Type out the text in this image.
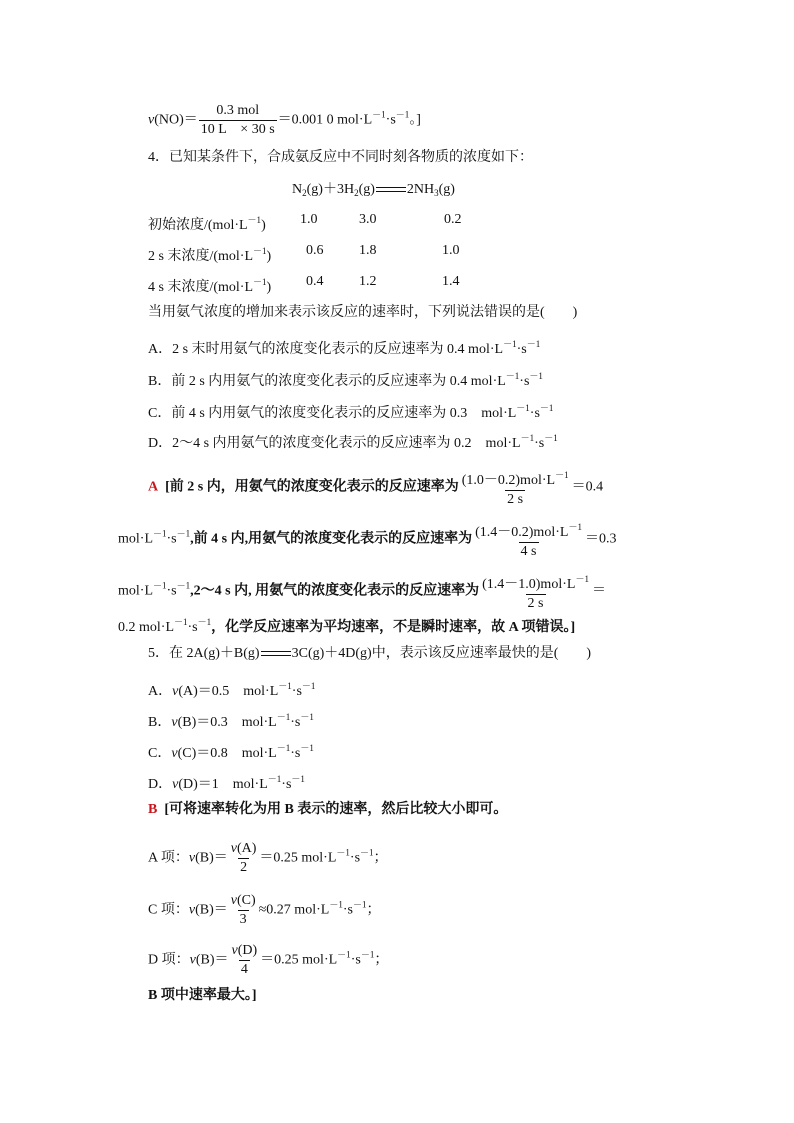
$v(NO)= \frac{\text{0.3 mol}}{10 L \times 30 s} =0.001$ 0 $mol\cdot L^{-1}\cdot s^{-1}$。]
4．已知某条件下，合成氨反应中不同时刻各物质的浓度如下：
$N_2(g)+3H_2(g)$ $2NH_3(g)$
初始浓度$/(mol\cdot L^{-1})$ 1.0	3.0	0.2
2 s 末浓度$/(mol\cdot L^{-1})$ 0.6	1.8	1.0
4 s 末浓度$/(mol\cdot L^{-1})$ 0.4	1.2	1.4
当用氨气浓度的增加来表示该反应的速率时，下列说法错误的是(　　)
A．2 s 末时用氨气的浓度变化表示的反应速率为 0.4 $mol\cdot L^{-1}\cdot s^{-1}$
B．前 2 s 内用氨气的浓度变化表示的反应速率为 0.4 $mol\cdot L^{-1}\cdot s^{-1}$
C．前 4 s 内用氨气的浓度变化表示的反应速率为 0.3　$mol\cdot L^{-1}\cdot s^{-1}$
D．2～4 s 内用氨气的浓度变化表示的反应速率为 0.2　$mol\cdot L^{-1}\cdot s^{-1}$
A [前 2 s 内，用氨气的浓度变化表示的反应速率为 $\frac{(1.0-0.2)mol\cdot L^{-1}}{2 s} =0.4$
$mol\cdot L^{-1}\cdot s^{-1}$,前 4 s 内,用氨气的浓度变化表示的反应速率为 $\frac{(1.4-0.2)mol\cdot L^{-1}}{4 s} =0.3$
$mol\cdot L^{-1}\cdot s^{-1},2\sim 4$ s 内, 用氨气的浓度变化表示的反应速率为 $\frac{(1.4-1.0)mol\cdot L^{-1}}{2 s}$ ＝
0.2 $mol\cdot L^{-1}\cdot s^{-1}$，化学反应速率为平均速率，不是瞬时速率，故 A 项错误。]
5．在 2A(g)＋B(g) 3C(g)＋4D(g)中，表示该反应速率最快的是(　　)
A．v(A)＝0.5　$mol\cdot L^{-1}\cdot s^{-1}$
B．v(B)＝0.3　$mol\cdot L^{-1}\cdot s^{-1}$
C．v(C)＝0.8　$mol\cdot L^{-1}\cdot s^{-1}$
D．v(D)＝1　$mol\cdot L^{-1}\cdot s^{-1}$
B [可将速率转化为用 B 表示的速率，然后比较大小即可。
A 项：$v(B)= \frac{v(A)}{2} =0.25$ $mol\cdot L^{-1}\cdot s^{-1}$；
C 项：$v(B)= \frac{v(C)}{3} \approx 0.27$ $mol\cdot L^{-1}\cdot s^{-1}$；
D 项：$v(B)= \frac{v(D)}{4} =0.25$ $mol\cdot L^{-1}\cdot s^{-1}$；
B 项中速率最大。]
